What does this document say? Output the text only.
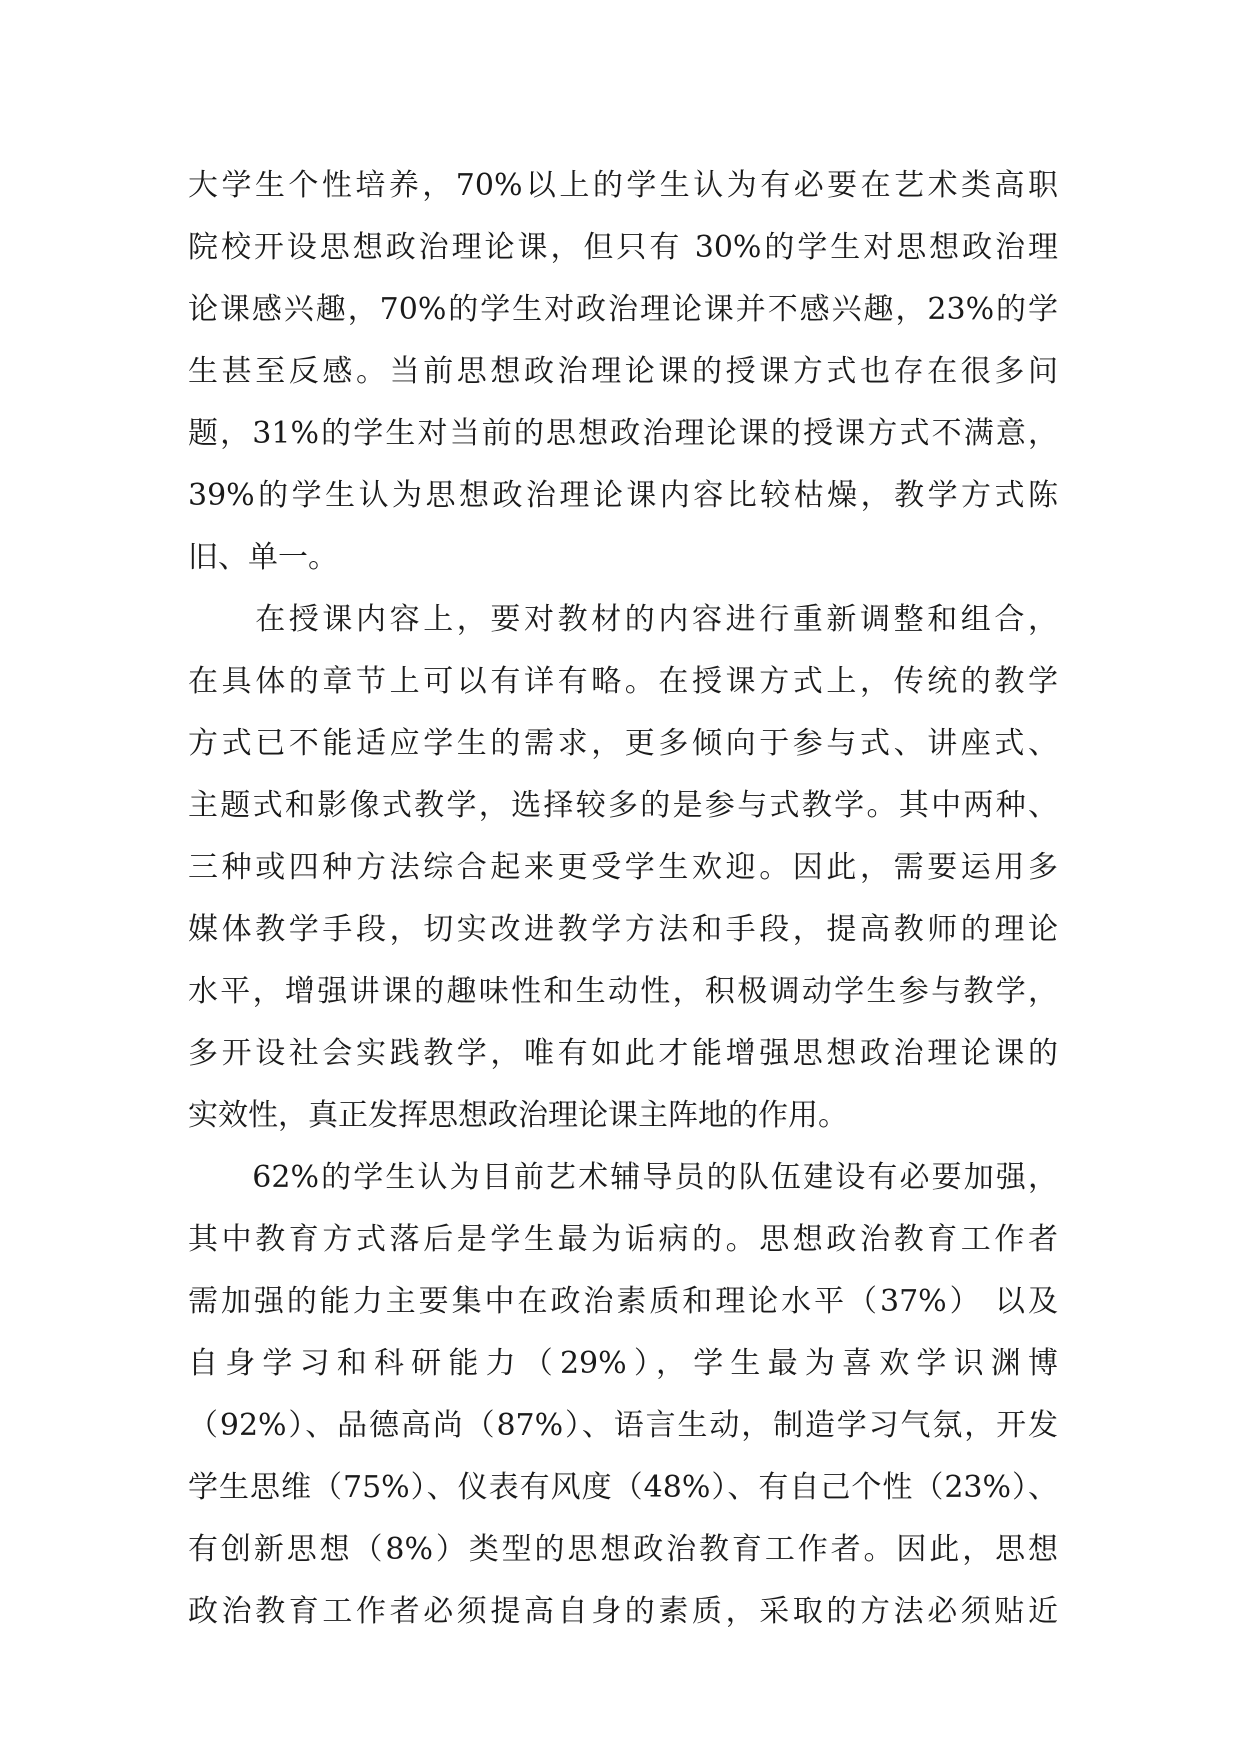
大学生个性培养，70%以上的学生认为有必要在艺术类高职
院校开设思想政治理论课，但只有 30%的学生对思想政治理
论课感兴趣，70%的学生对政治理论课并不感兴趣，23%的学
生甚至反感。当前思想政治理论课的授课方式也存在很多问
题，31%的学生对当前的思想政治理论课的授课方式不满意，
39%的学生认为思想政治理论课内容比较枯燥，教学方式陈
旧、单一。
　　在授课内容上，要对教材的内容进行重新调整和组合，
在具体的章节上可以有详有略。在授课方式上，传统的教学
方式已不能适应学生的需求，更多倾向于参与式、讲座式、
主题式和影像式教学，选择较多的是参与式教学。其中两种、
三种或四种方法综合起来更受学生欢迎。因此，需要运用多
媒体教学手段，切实改进教学方法和手段，提高教师的理论
水平，增强讲课的趣味性和生动性，积极调动学生参与教学，
多开设社会实践教学，唯有如此才能增强思想政治理论课的
实效性，真正发挥思想政治理论课主阵地的作用。
　　62%的学生认为目前艺术辅导员的队伍建设有必要加强，
其中教育方式落后是学生最为诟病的。思想政治教育工作者
需加强的能力主要集中在政治素质和理论水平（37%） 以及
自身学习和科研能力（29%），学生最为喜欢学识渊博
（92%）、品德高尚（87%）、语言生动，制造学习气氛，开发
学生思维（75%）、仪表有风度（48%）、有自己个性（23%）、
有创新思想（8%）类型的思想政治教育工作者。因此，思想
政治教育工作者必须提高自身的素质，采取的方法必须贴近
